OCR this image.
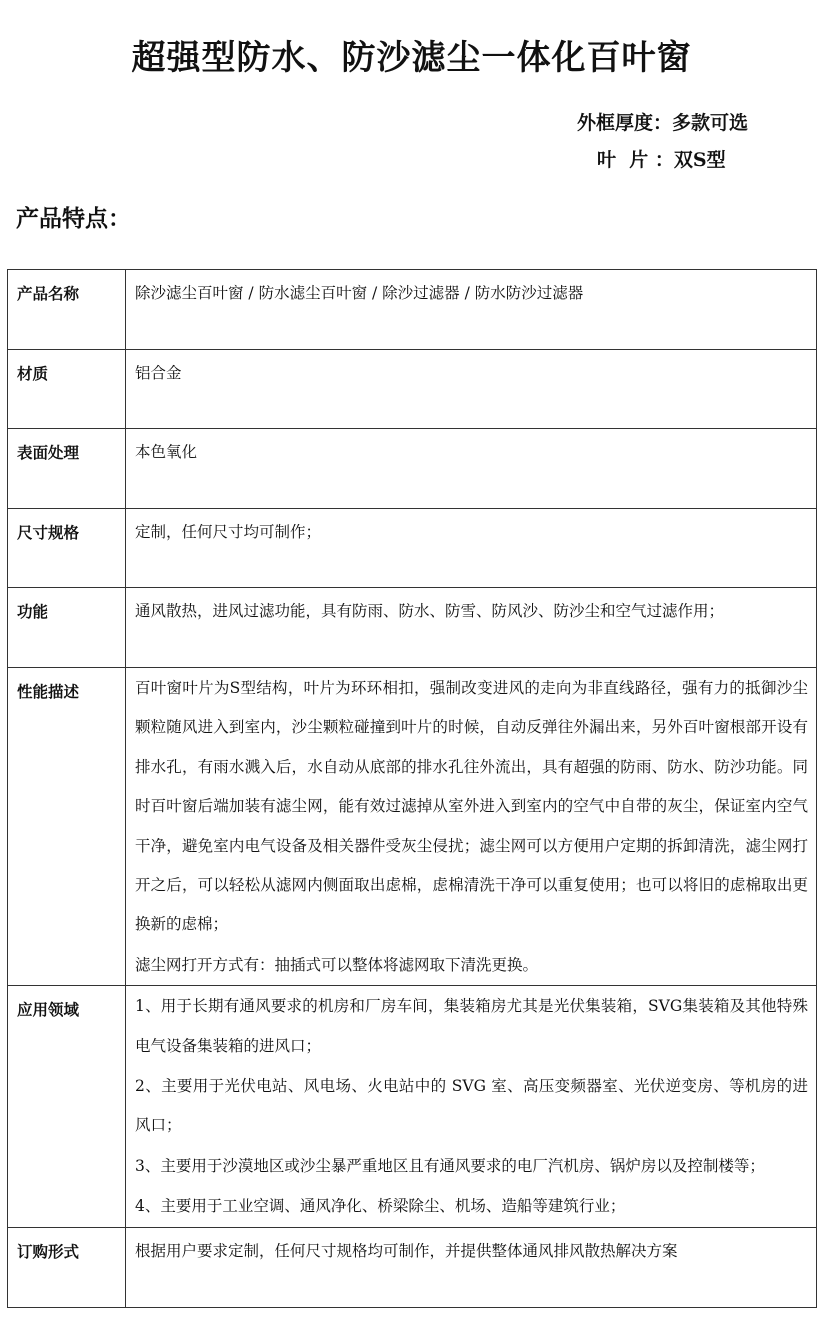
超强型防水、防沙滤尘一体化百叶窗
外框厚度：多款可选
叶  片 ：双S型
产品特点：
产品名称	除沙滤尘百叶窗 / 防水滤尘百叶窗 / 除沙过滤器 / 防水防沙过滤器

材质	铝合金

表面处理	本色氧化

尺寸规格	定制，任何尺寸均可制作；

功能	通风散热，进风过滤功能，具有防雨、防水、防雪、防风沙、防沙尘和空气过滤作用；

性能描述	百叶窗叶片为S型结构，叶片为环环相扣，强制改变进风的走向为非直线路径，强有力的抵御沙尘颗粒随风进入到室内，沙尘颗粒碰撞到叶片的时候，自动反弹往外漏出来，另外百叶窗根部开设有排水孔，有雨水溅入后，水自动从底部的排水孔往外流出，具有超强的防雨、防水、防沙功能。同时百叶窗后端加装有滤尘网，能有效过滤掉从室外进入到室内的空气中自带的灰尘，保证室内空气干净，避免室内电气设备及相关器件受灰尘侵扰；滤尘网可以方便用户定期的拆卸清洗，滤尘网打开之后，可以轻松从滤网内侧面取出虑棉，虑棉清洗干净可以重复使用；也可以将旧的虑棉取出更换新的虑棉；
滤尘网打开方式有：抽插式可以整体将滤网取下清洗更换。

应用领域	1、用于长期有通风要求的机房和厂房车间，集装箱房尤其是光伏集装箱，SVG集装箱及其他特殊电气设备集装箱的进风口；
2、主要用于光伏电站、风电场、火电站中的 SVG 室、高压变频器室、光伏逆变房、等机房的进风口；
3、主要用于沙漠地区或沙尘暴严重地区且有通风要求的电厂汽机房、锅炉房以及控制楼等；
4、主要用于工业空调、通风净化、桥梁除尘、机场、造船等建筑行业；

订购形式	根据用户要求定制，任何尺寸规格均可制作，并提供整体通风排风散热解决方案
